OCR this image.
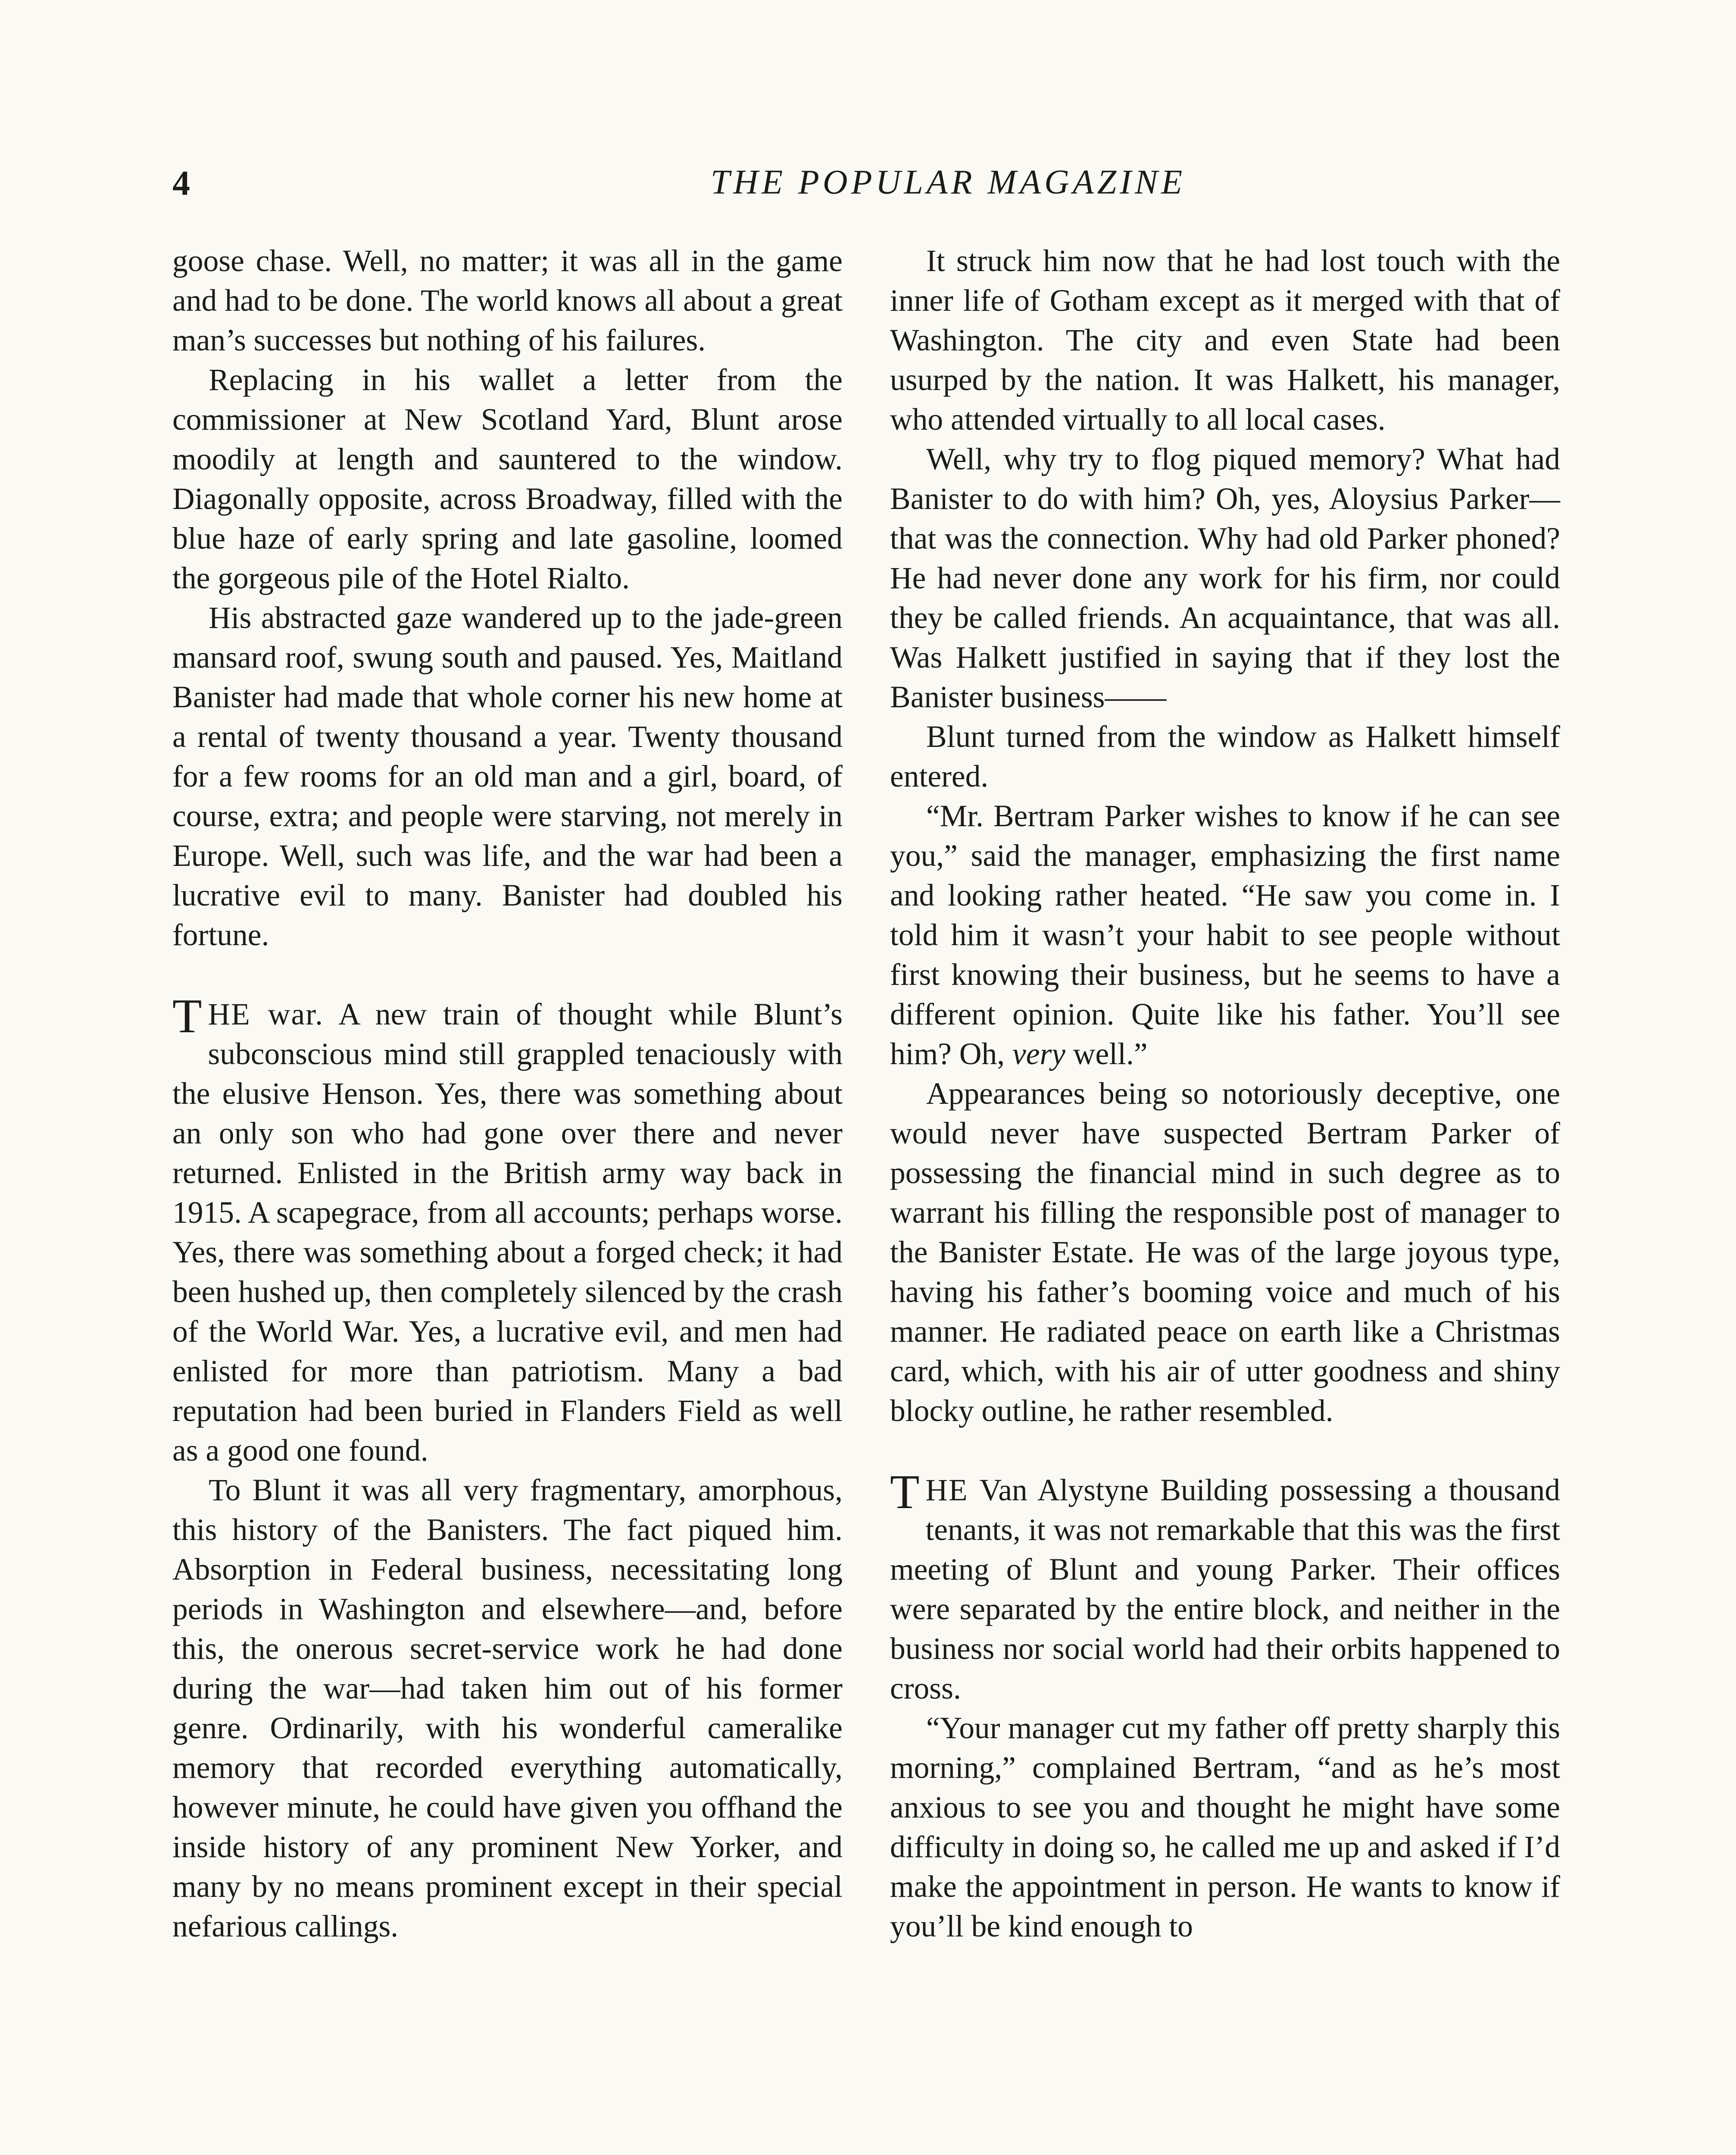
4	THE POPULAR MAGAZINE

goose chase. Well, no matter; it was all in the game and had to be done. The world knows all about a great man’s successes but nothing of his failures.

Replacing in his wallet a letter from the commissioner at New Scotland Yard, Blunt arose moodily at length and sauntered to the window. Diagonally opposite, across Broadway, filled with the blue haze of early spring and late gasoline, loomed the gorgeous pile of the Hotel Rialto.

His abstracted gaze wandered up to the jade-green mansard roof, swung south and paused. Yes, Maitland Banister had made that whole corner his new home at a rental of twenty thousand a year. Twenty thousand for a few rooms for an old man and a girl, board, of course, extra; and people were starving, not merely in Europe. Well, such was life, and the war had been a lucrative evil to many. Banister had doubled his fortune.

THE war. A new train of thought while Blunt’s subconscious mind still grappled tenaciously with the elusive Henson. Yes, there was something about an only son who had gone over there and never returned. Enlisted in the British army way back in 1915. A scapegrace, from all accounts; perhaps worse. Yes, there was something about a forged check; it had been hushed up, then completely silenced by the crash of the World War. Yes, a lucrative evil, and men had enlisted for more than patriotism. Many a bad reputation had been buried in Flanders Field as well as a good one found.

To Blunt it was all very fragmentary, amorphous, this history of the Banisters. The fact piqued him. Absorption in Federal business, necessitating long periods in Washington and elsewhere—and, before this, the onerous secret-service work he had done during the war—had taken him out of his former genre. Ordinarily, with his wonderful cameralike memory that recorded everything automatically, however minute, he could have given you offhand the inside history of any prominent New Yorker, and many by no means prominent except in their special nefarious callings.

It struck him now that he had lost touch with the inner life of Gotham except as it merged with that of Washington. The city and even State had been usurped by the nation. It was Halkett, his manager, who attended virtually to all local cases.

Well, why try to flog piqued memory? What had Banister to do with him? Oh, yes, Aloysius Parker—that was the connection. Why had old Parker phoned? He had never done any work for his firm, nor could they be called friends. An acquaintance, that was all. Was Halkett justified in saying that if they lost the Banister business——

Blunt turned from the window as Halkett himself entered.

“Mr. Bertram Parker wishes to know if he can see you,” said the manager, emphasizing the first name and looking rather heated. “He saw you come in. I told him it wasn’t your habit to see people without first knowing their business, but he seems to have a different opinion. Quite like his father. You’ll see him? Oh, very well.”

Appearances being so notoriously deceptive, one would never have suspected Bertram Parker of possessing the financial mind in such degree as to warrant his filling the responsible post of manager to the Banister Estate. He was of the large joyous type, having his father’s booming voice and much of his manner. He radiated peace on earth like a Christmas card, which, with his air of utter goodness and shiny blocky outline, he rather resembled.

THE Van Alystyne Building possessing a thousand tenants, it was not remarkable that this was the first meeting of Blunt and young Parker. Their offices were separated by the entire block, and neither in the business nor social world had their orbits happened to cross.

“Your manager cut my father off pretty sharply this morning,” complained Bertram, “and as he’s most anxious to see you and thought he might have some difficulty in doing so, he called me up and asked if I’d make the appointment in person. He wants to know if you’ll be kind enough to
